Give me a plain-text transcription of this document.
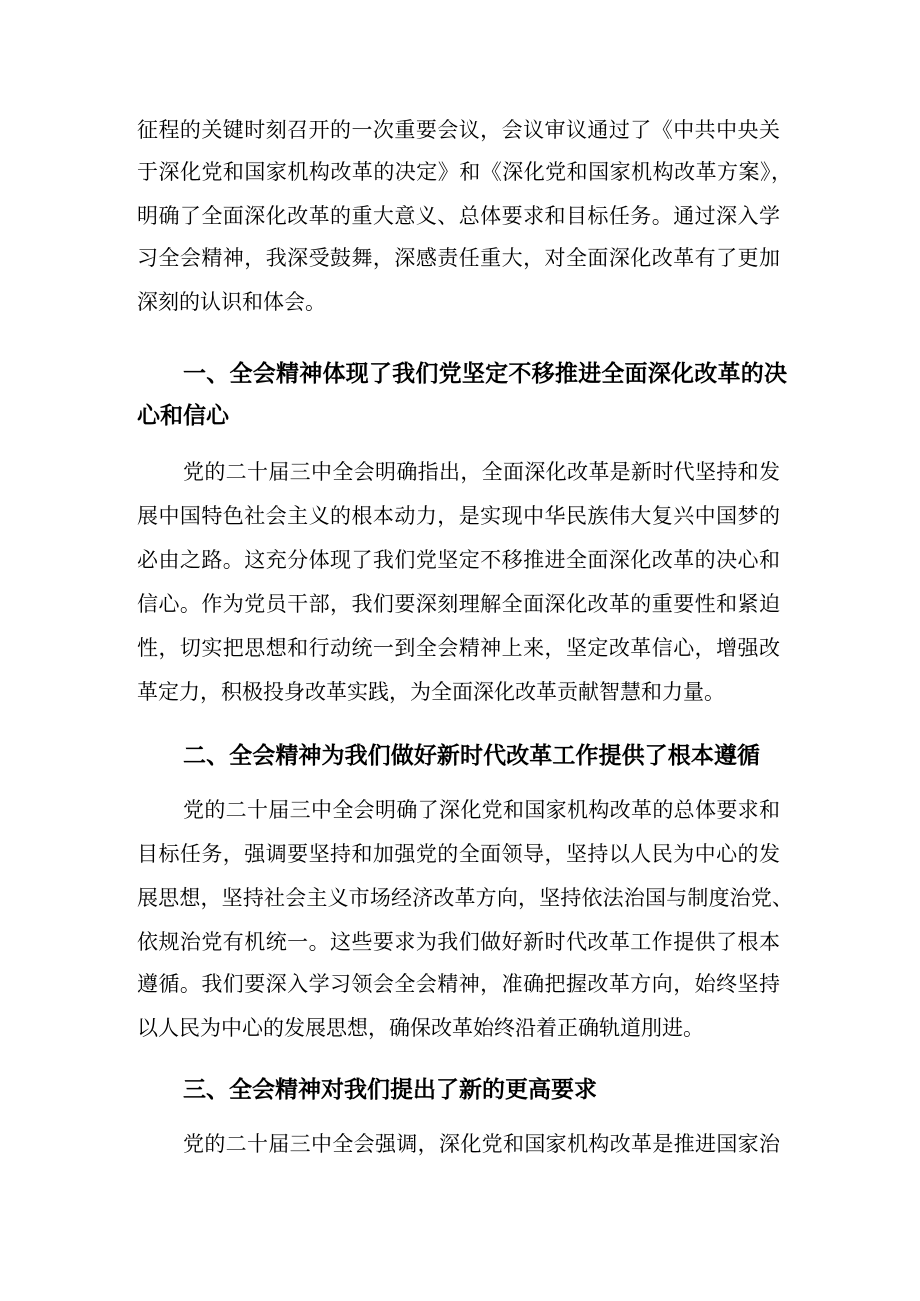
征程的关键时刻召开的一次重要会议，会议审议通过了《中共中央关

于深化党和国家机构改革的决定》和《深化党和国家机构改革方案》，

明确了全面深化改革的重大意义、总体要求和目标任务。通过深入学

习全会精神，我深受鼓舞，深感责任重大，对全面深化改革有了更加

深刻的认识和体会。

一、全会精神体现了我们党坚定不移推进全面深化改革的决
心和信心

党的二十届三中全会明确指出，全面深化改革是新时代坚持和发

展中国特色社会主义的根本动力，是实现中华民族伟大复兴中国梦的

必由之路。这充分体现了我们党坚定不移推进全面深化改革的决心和

信心。作为党员干部，我们要深刻理解全面深化改革的重要性和紧迫

性，切实把思想和行动统一到全会精神上来，坚定改革信心，增强改

革定力，积极投身改革实践，为全面深化改革贡献智慧和力量。

二、全会精神为我们做好新时代改革工作提供了根本遵循

党的二十届三中全会明确了深化党和国家机构改革的总体要求和

目标任务，强调要坚持和加强党的全面领导，坚持以人民为中心的发

展思想，坚持社会主义市场经济改革方向，坚持依法治国与制度治党、

依规治党有机统一。这些要求为我们做好新时代改革工作提供了根本

遵循。我们要深入学习领会全会精神，准确把握改革方向，始终坚持

以人民为中心的发展思想，确保改革始终沿着正确轨道刖进。

三、全会精神对我们提出了新的更高要求

党的二十届三中全会强调，深化党和国家机构改革是推进国家治
